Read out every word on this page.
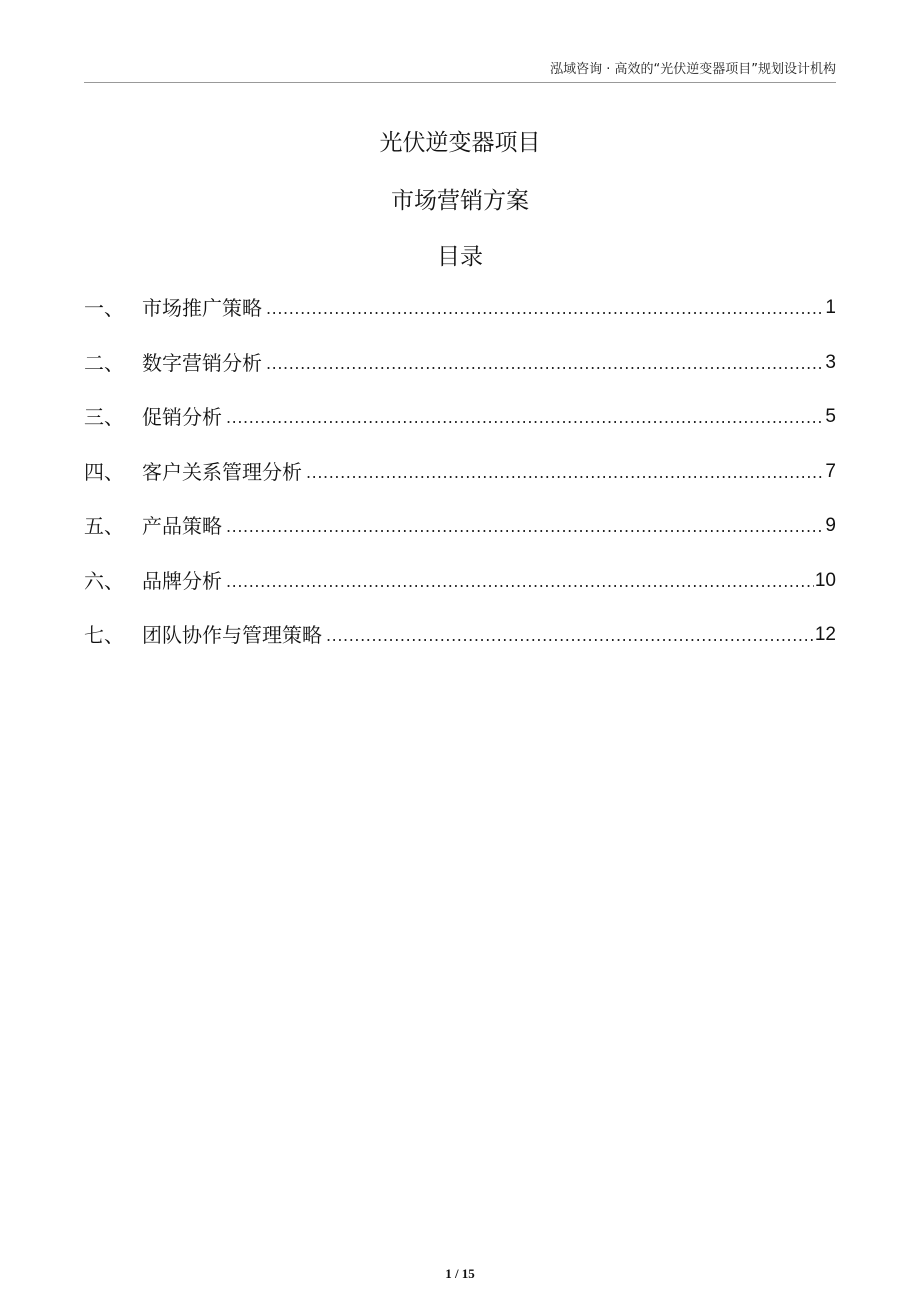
泓域咨询 · 高效的“光伏逆变器项目”规划设计机构
光伏逆变器项目
市场营销方案
目录
一、 市场推广策略 .....	1
二、 数字营销分析 .....	3
三、 促销分析 .....	5
四、 客户关系管理分析 .....	7
五、 产品策略 .....	9
六、 品牌分析 .....	10
七、 团队协作与管理策略 .....	12
1 / 15
